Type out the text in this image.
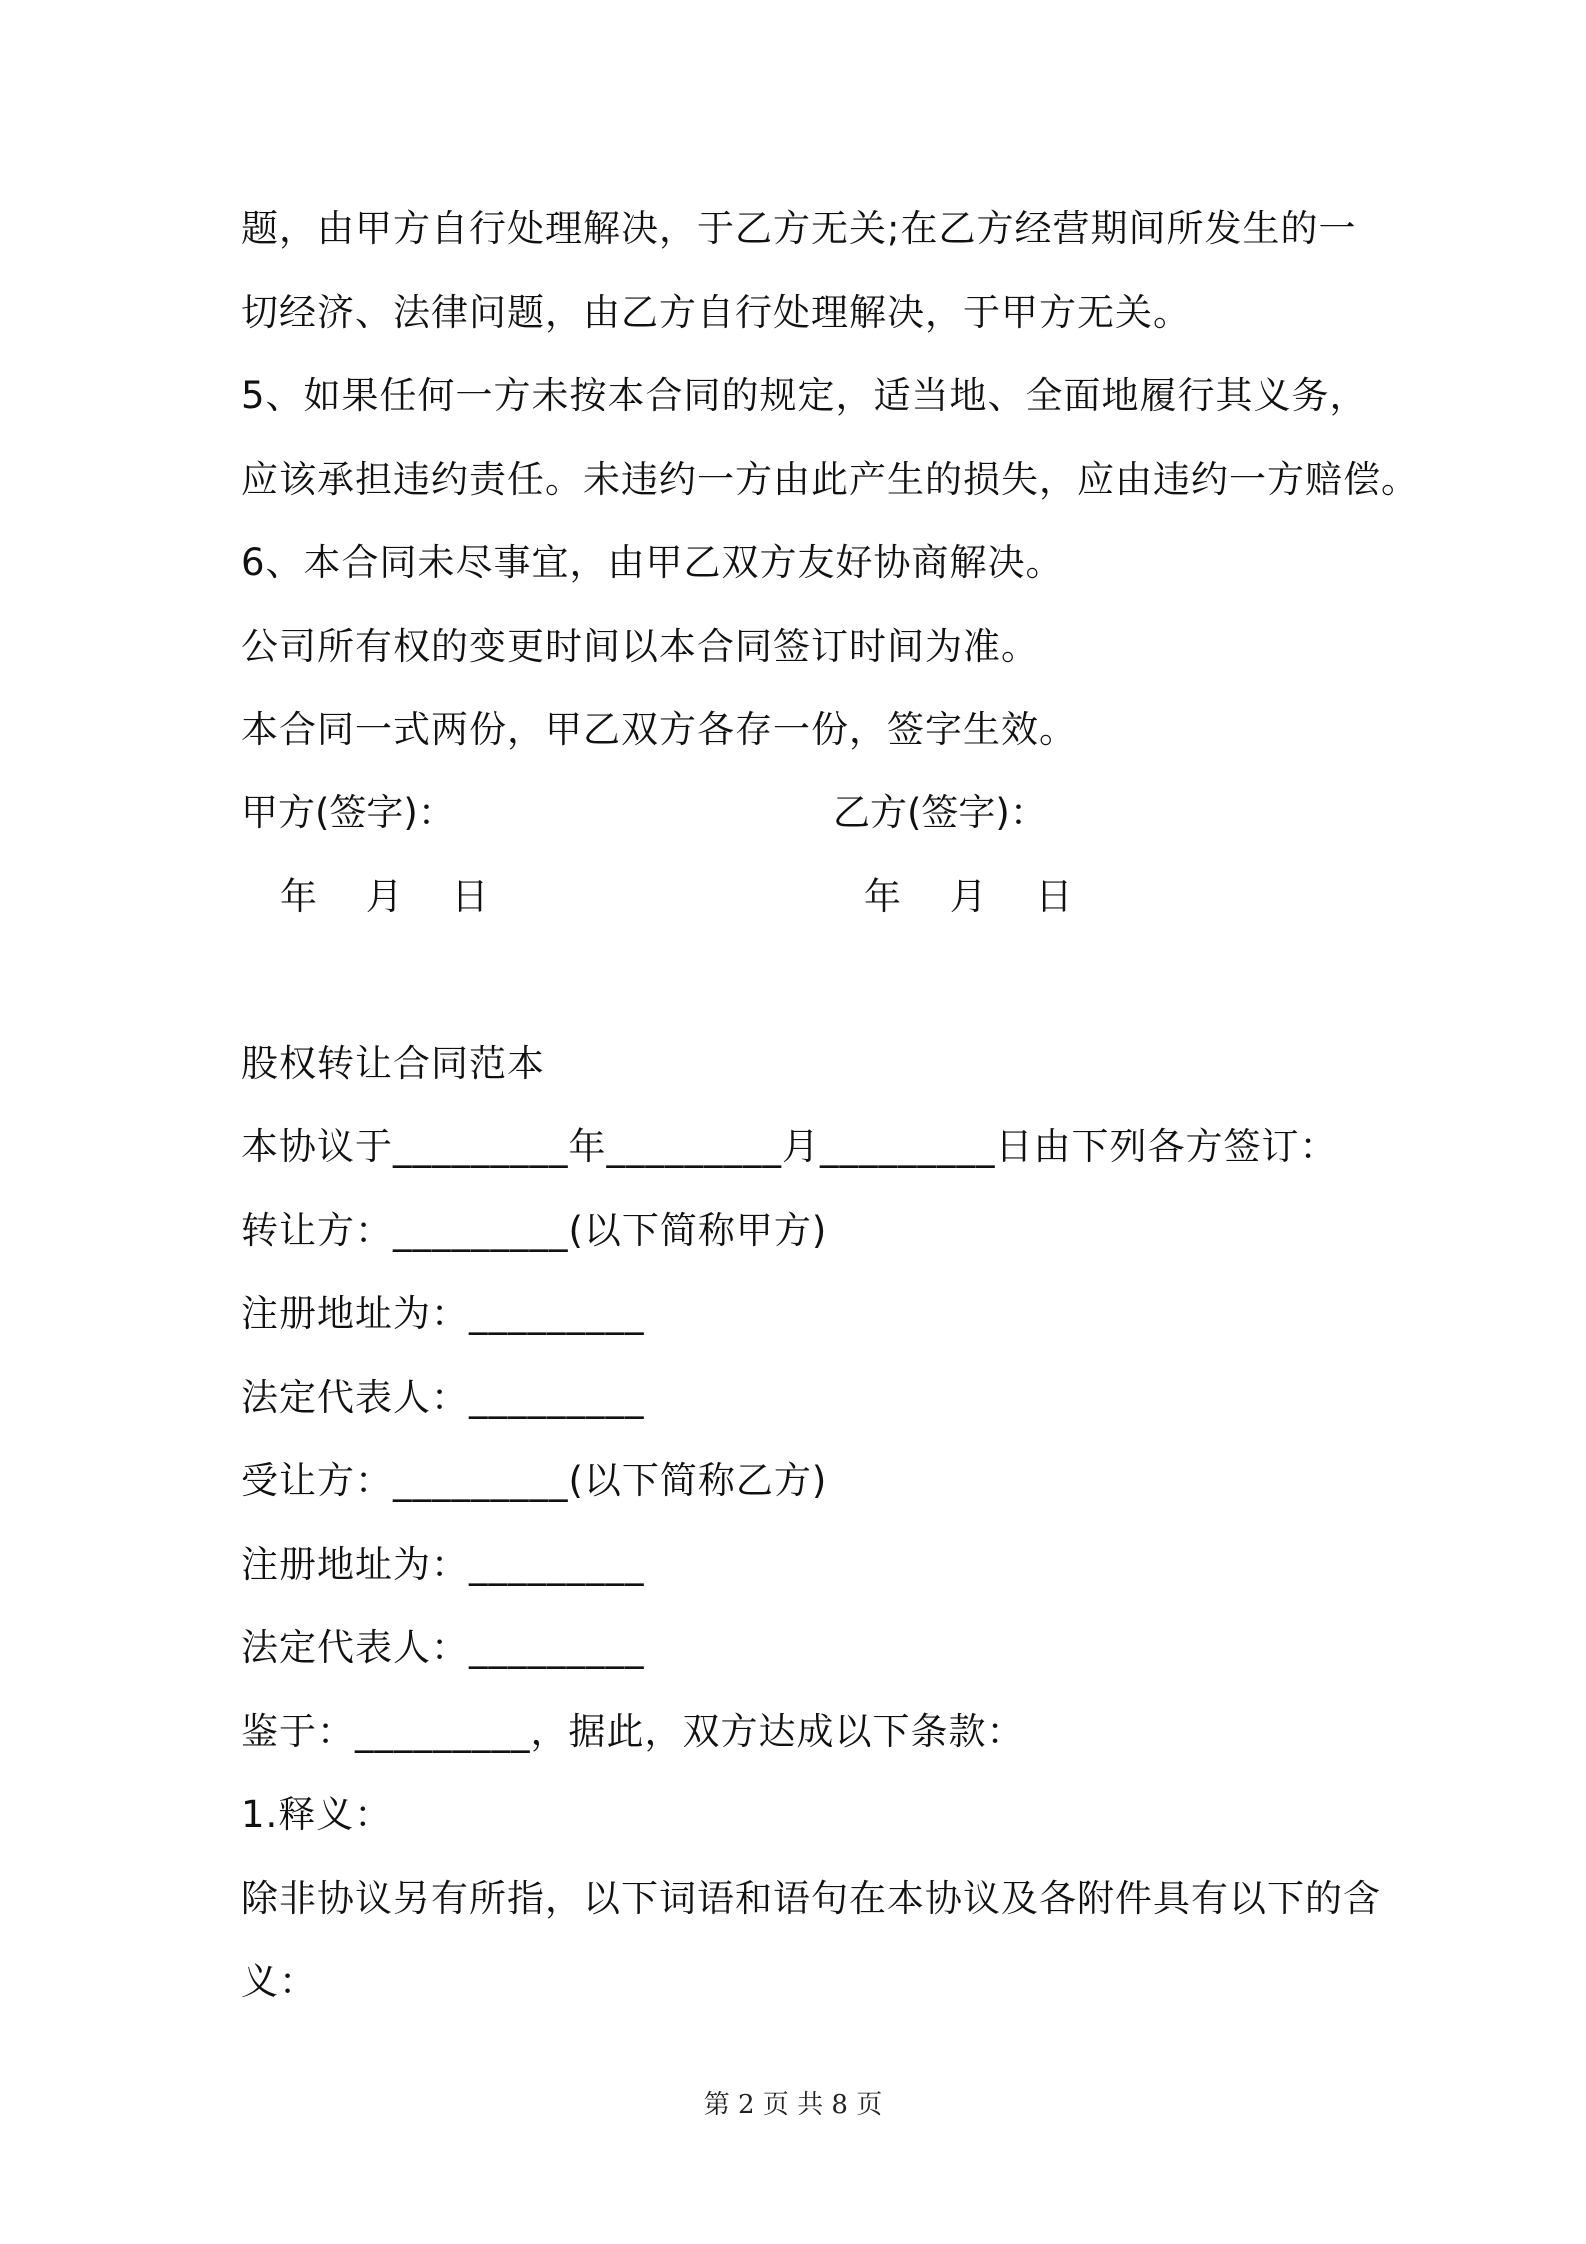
题，由甲方自行处理解决，于乙方无关;在乙方经营期间所发生的一

切经济、法律问题，由乙方自行处理解决，于甲方无关。

5、如果任何一方未按本合同的规定，适当地、全面地履行其义务，

应该承担违约责任。未违约一方由此产生的损失，应由违约一方赔偿。

6、本合同未尽事宜，由甲乙双方友好协商解决。

公司所有权的变更时间以本合同签订时间为准。

本合同一式两份，甲乙双方各存一份，签字生效。

甲方(签字)：	乙方(签字)：

年　 月　 日	年　 月　 日

股权转让合同范本

本协议于_________年_________月_________日由下列各方签订：

转让方：_________(以下简称甲方)

注册地址为：_________

法定代表人：_________

受让方：_________(以下简称乙方)

注册地址为：_________

法定代表人：_________

鉴于：_________，据此，双方达成以下条款：

1.释义：

除非协议另有所指，以下词语和语句在本协议及各附件具有以下的含

义：

第 2 页 共 8 页
